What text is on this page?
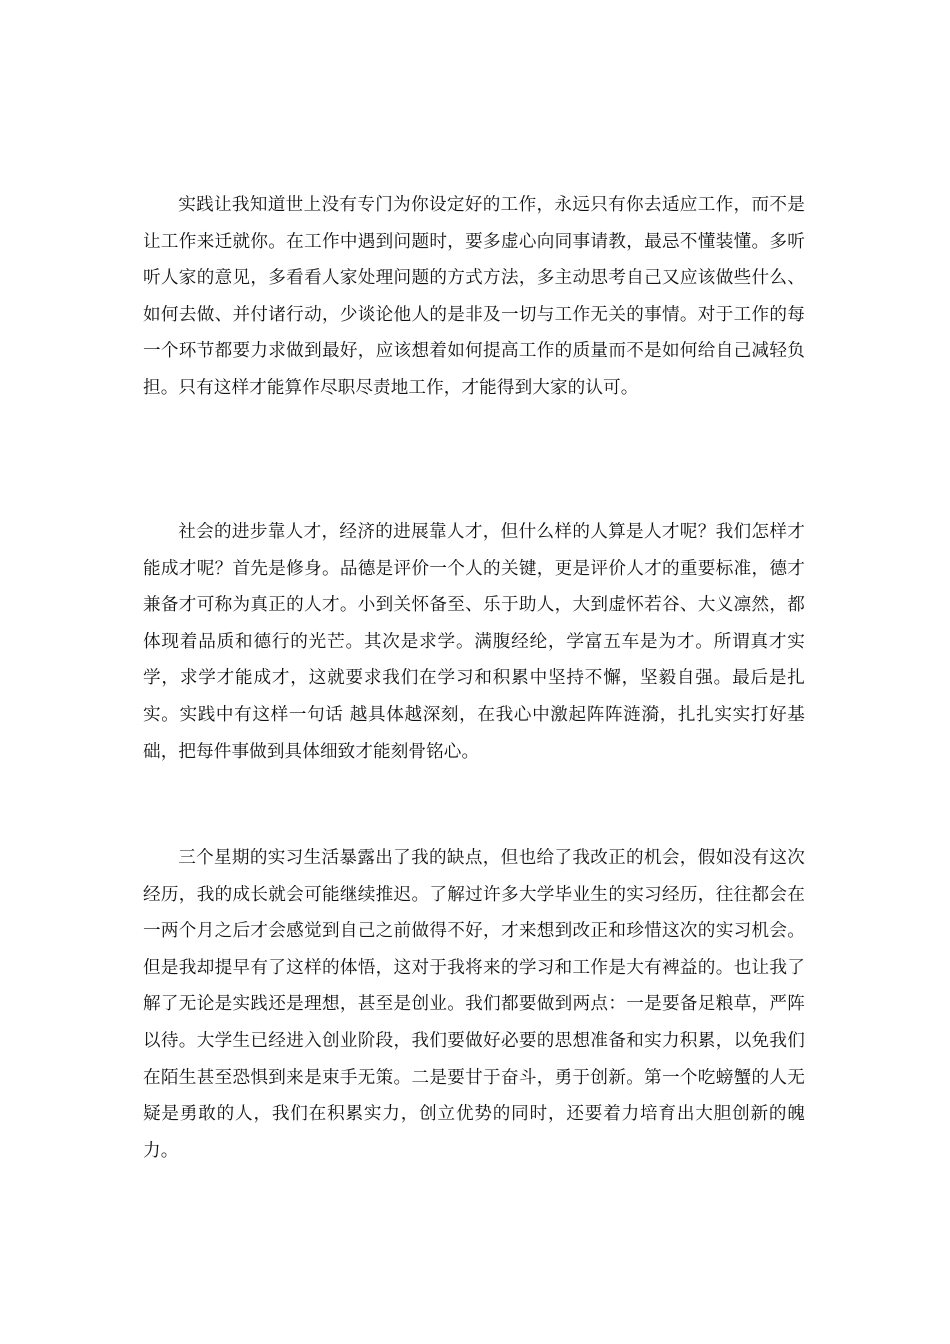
实践让我知道世上没有专门为你设定好的工作，永远只有你去适应工作，而不是让工作来迁就你。在工作中遇到问题时，要多虚心向同事请教，最忌不懂装懂。多听听人家的意见，多看看人家处理问题的方式方法，多主动思考自己又应该做些什么、如何去做、并付诸行动，少谈论他人的是非及一切与工作无关的事情。对于工作的每一个环节都要力求做到最好，应该想着如何提高工作的质量而不是如何给自己减轻负担。只有这样才能算作尽职尽责地工作，才能得到大家的认可。

社会的进步靠人才，经济的进展靠人才，但什么样的人算是人才呢？我们怎样才能成才呢？首先是修身。品德是评价一个人的关键，更是评价人才的重要标准，德才兼备才可称为真正的人才。小到关怀备至、乐于助人，大到虚怀若谷、大义凛然，都体现着品质和德行的光芒。其次是求学。满腹经纶，学富五车是为才。所谓真才实学，求学才能成才，这就要求我们在学习和积累中坚持不懈，坚毅自强。最后是扎实。实践中有这样一句话 越具体越深刻，在我心中激起阵阵涟漪，扎扎实实打好基础，把每件事做到具体细致才能刻骨铭心。

三个星期的实习生活暴露出了我的缺点，但也给了我改正的机会，假如没有这次经历，我的成长就会可能继续推迟。了解过许多大学毕业生的实习经历，往往都会在一两个月之后才会感觉到自己之前做得不好，才来想到改正和珍惜这次的实习机会。但是我却提早有了这样的体悟，这对于我将来的学习和工作是大有裨益的。也让我了解了无论是实践还是理想，甚至是创业。我们都要做到两点：一是要备足粮草，严阵以待。大学生已经进入创业阶段，我们要做好必要的思想准备和实力积累，以免我们在陌生甚至恐惧到来是束手无策。二是要甘于奋斗，勇于创新。第一个吃螃蟹的人无疑是勇敢的人，我们在积累实力，创立优势的同时，还要着力培育出大胆创新的魄力。
